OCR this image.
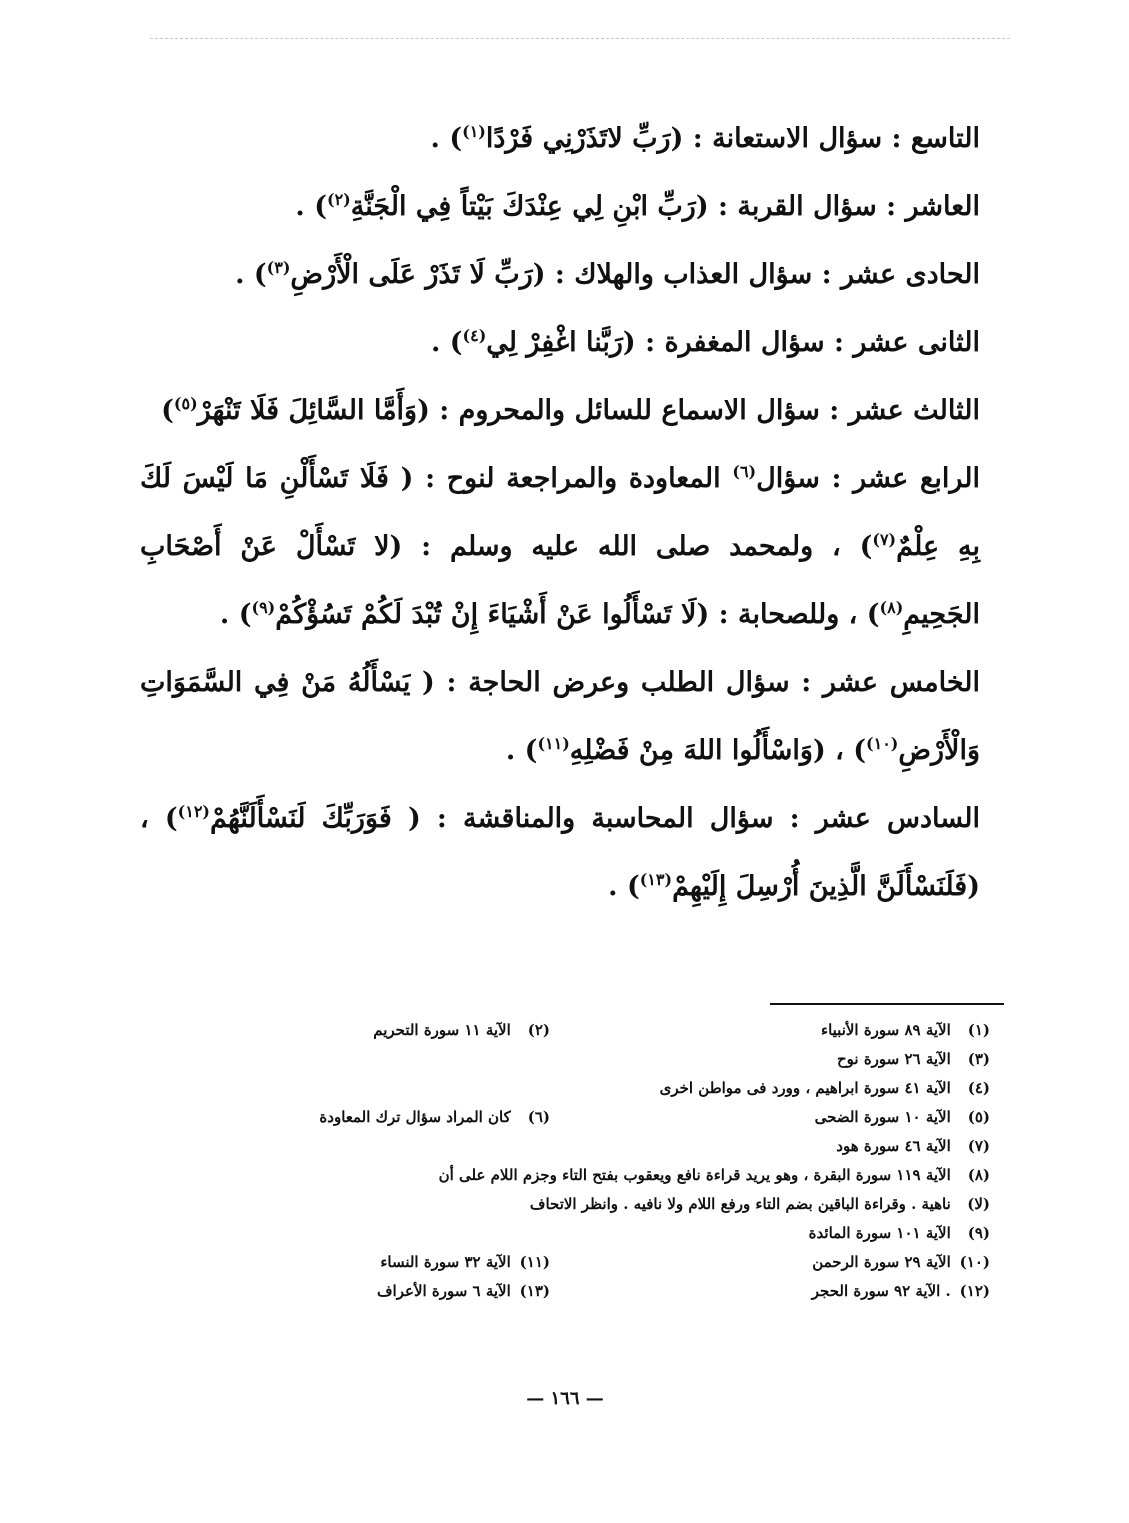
التاسع : سؤال الاستعانة : (رَبِّ لاتَذَرْنِي فَرْدًا$^{(١)}$) .

العاشر : سؤال القربة : (رَبِّ ابْنِ لِي عِنْدَكَ بَيْتاً فِي الْجَنَّةِ$^{(٢)}$) .

الحادى عشر : سؤال العذاب والهلاك : (رَبِّ لَا تَذَرْ عَلَى الْأَرْضِ$^{(٣)}$) .

الثانى عشر : سؤال المغفرة : (رَبَّنا اغْفِرْ لِي$^{(٤)}$) .

الثالث عشر : سؤال الاسماع للسائل والمحروم : (وَأَمَّا السَّائِلَ فَلَا تَنْهَرْ$^{(٥)}$)

الرابع عشر : سؤال$^{(٦)}$ المعاودة والمراجعة لنوح : ( فَلَا تَسْأَلْنِ مَا لَيْسَ لَكَ بِهِ عِلْمٌ$^{(٧)}$) ، ولمحمد صلى الله عليه وسلم : (لا تَسْأَلْ عَنْ أَصْحَابِ الجَحِيمِ$^{(٨)}$) ، وللصحابة : (لَا تَسْأَلُوا عَنْ أَشْيَاءَ إِنْ تُبْدَ لَكُمْ تَسُؤْكُمْ$^{(٩)}$) .

الخامس عشر : سؤال الطلب وعرض الحاجة : ( يَسْأَلُهُ مَنْ فِي السَّمَوَاتِ وَالْأَرْضِ$^{(١٠)}$) ، (وَاسْأَلُوا اللهَ مِنْ فَضْلِهِ$^{(١١)}$) .

السادس عشر : سؤال المحاسبة والمناقشة : ( فَوَرَبِّكَ لَنَسْأَلَنَّهُمْ$^{(١٢)}$) ، (فَلَنَسْأَلَنَّ الَّذِينَ أُرْسِلَ إِلَيْهِمْ$^{(١٣)}$) .

(١) الآية ٨٩ سورة الأنبياء
(٢) الآية ١١ سورة التحريم
(٣) الآية ٢٦ سورة نوح
(٤) الآية ٤١ سورة ابراهيم ، وورد فى مواطن اخرى
(٥) الآية ١٠ سورة الضحى
(٦) كان المراد سؤال ترك المعاودة
(٧) الآية ٤٦ سورة هود
(٨) الآية ١١٩ سورة البقرة ، وهو يريد قراءة نافع ويعقوب بفتح التاء وجزم اللام على أن
(لا) ناهية . وقراءة الباقين بضم التاء ورفع اللام ولا نافيه . وانظر الاتحاف
(٩) الآية ١٠١ سورة المائدة
(١٠) الآية ٢٩ سورة الرحمن
(١١) الآية ٣٢ سورة النساء
(١٢) . الآية ٩٢ سورة الحجر
(١٣) الآية ٦ سورة الأعراف
— ١٦٦ —
